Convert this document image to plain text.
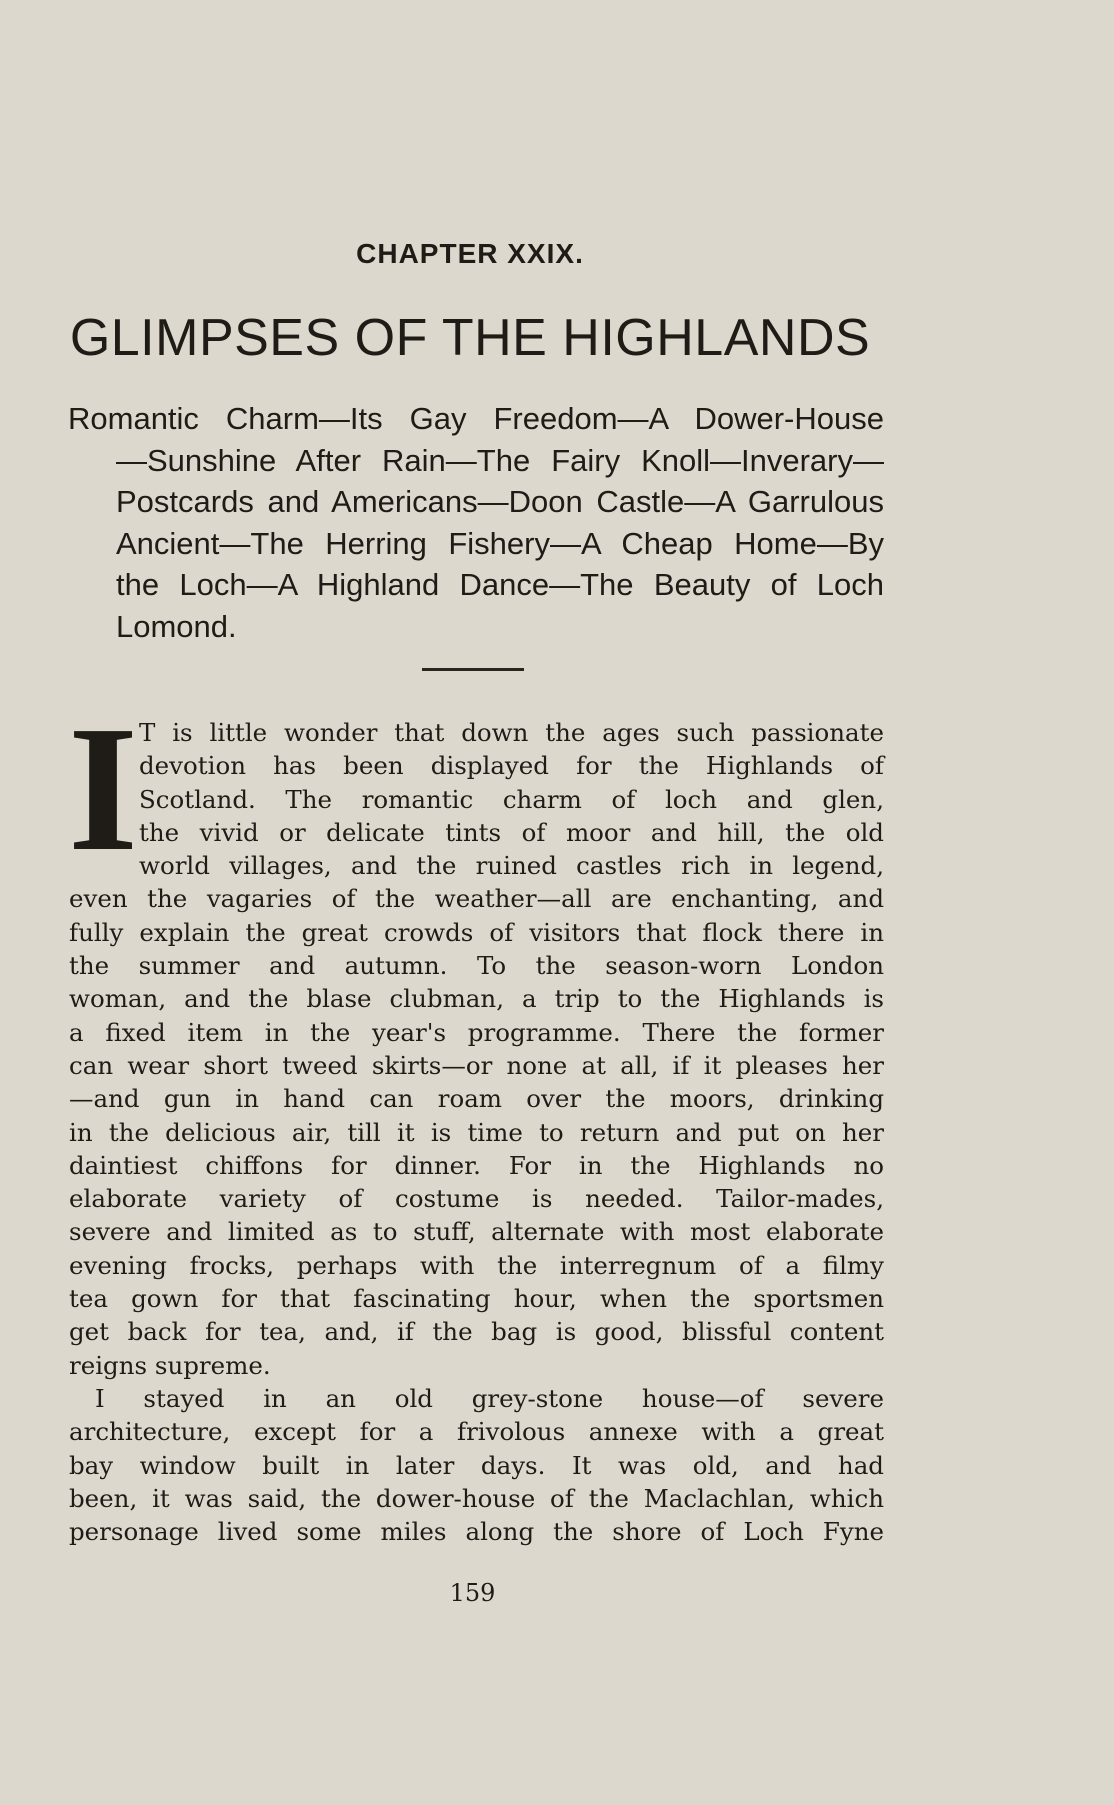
CHAPTER XXIX.
GLIMPSES OF THE HIGHLANDS
Romantic Charm—Its Gay Freedom—A Dower-House
—Sunshine After Rain—The Fairy Knoll—Inverary—
Postcards and Americans—Doon Castle—A Garrulous
Ancient—The Herring Fishery—A Cheap Home—By
the Loch—A Highland Dance—The Beauty of Loch
Lomond.
I T is little wonder that down the ages such passionate
devotion has been displayed for the Highlands of
Scotland. The romantic charm of loch and glen,
the vivid or delicate tints of moor and hill, the old
world villages, and the ruined castles rich in legend,
even the vagaries of the weather—all are enchanting, and
fully explain the great crowds of visitors that flock there in
the summer and autumn. To the season-worn London
woman, and the blase clubman, a trip to the Highlands is
a fixed item in the year's programme. There the former
can wear short tweed skirts—or none at all, if it pleases her
—and gun in hand can roam over the moors, drinking
in the delicious air, till it is time to return and put on her
daintiest chiffons for dinner. For in the Highlands no
elaborate variety of costume is needed. Tailor-mades,
severe and limited as to stuff, alternate with most elaborate
evening frocks, perhaps with the interregnum of a filmy
tea gown for that fascinating hour, when the sportsmen
get back for tea, and, if the bag is good, blissful content
reigns supreme.
I stayed in an old grey-stone house—of severe
architecture, except for a frivolous annexe with a great
bay window built in later days. It was old, and had
been, it was said, the dower-house of the Maclachlan, which
personage lived some miles along the shore of Loch Fyne
159
